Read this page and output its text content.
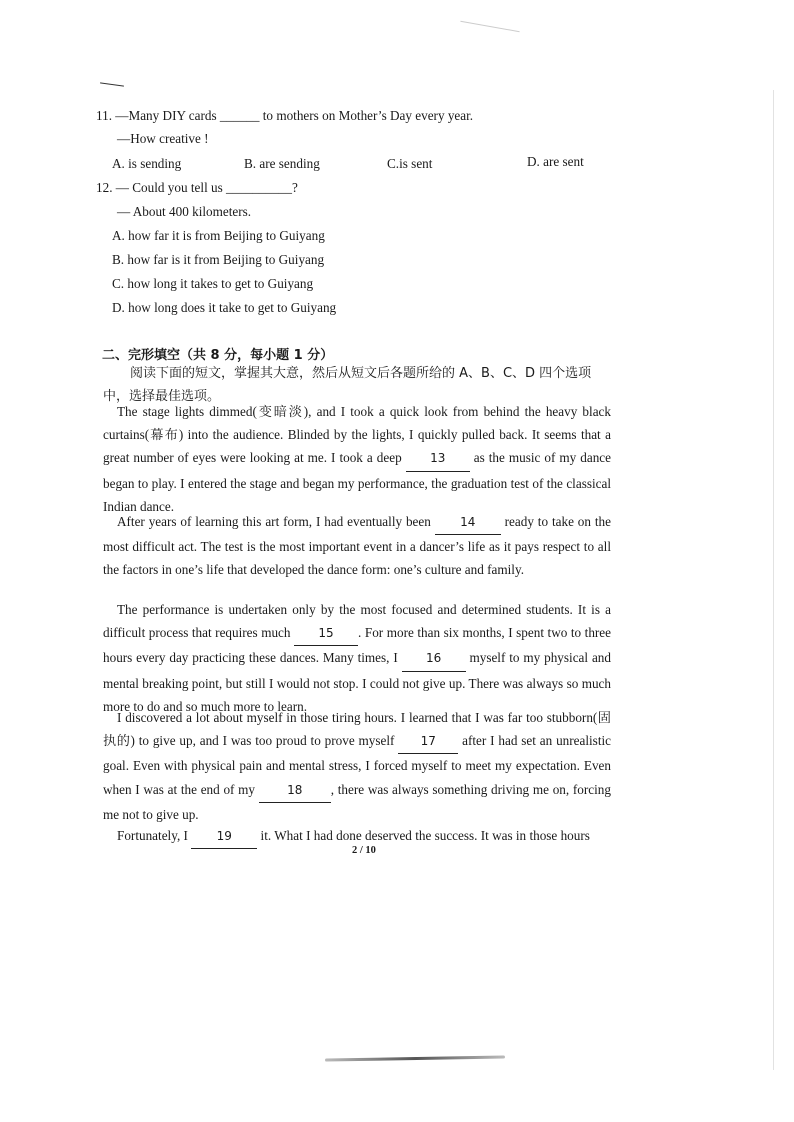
11. —Many DIY cards ______ to mothers on Mother’s Day every year.
—How creative !
A. is sending	B. are sending	C.is sent	D. are sent
12. — Could you tell us __________?
— About 400 kilometers.
A. how far it is from Beijing to Guiyang
B. how far is it from Beijing to Guiyang
C. how long it takes to get to Guiyang
D. how long does it take to get to Guiyang
二、完形填空（共 8 分，每小题 1 分）
阅读下面的短文，掌握其大意，然后从短文后各题所给的 A、B、C、D 四个选项
中，选择最佳选项。
The stage lights dimmed(变暗淡), and I took a quick look from behind the heavy black curtains(幕布) into the audience. Blinded by the lights, I quickly pulled back. It seems that a great number of eyes were looking at me. I took a deep 13 as the music of my dance began to play. I entered the stage and began my performance, the graduation test of the classical Indian dance.
After years of learning this art form, I had eventually been 14 ready to take on the most difficult act. The test is the most important event in a dancer’s life as it pays respect to all the factors in one’s life that developed the dance form: one’s culture and family.
The performance is undertaken only by the most focused and determined students. It is a difficult process that requires much 15 . For more than six months, I spent two to three hours every day practicing these dances. Many times, I 16 myself to my physical and mental breaking point, but still I would not stop. I could not give up. There was always so much more to do and so much more to learn.
I discovered a lot about myself in those tiring hours. I learned that I was far too stubborn(固执的) to give up, and I was too proud to prove myself 17 after I had set an unrealistic goal. Even with physical pain and mental stress, I forced myself to meet my expectation. Even when I was at the end of my 18 , there was always something driving me on, forcing me not to give up.
Fortunately, I 19 it. What I had done deserved the success. It was in those hours
2 / 10
